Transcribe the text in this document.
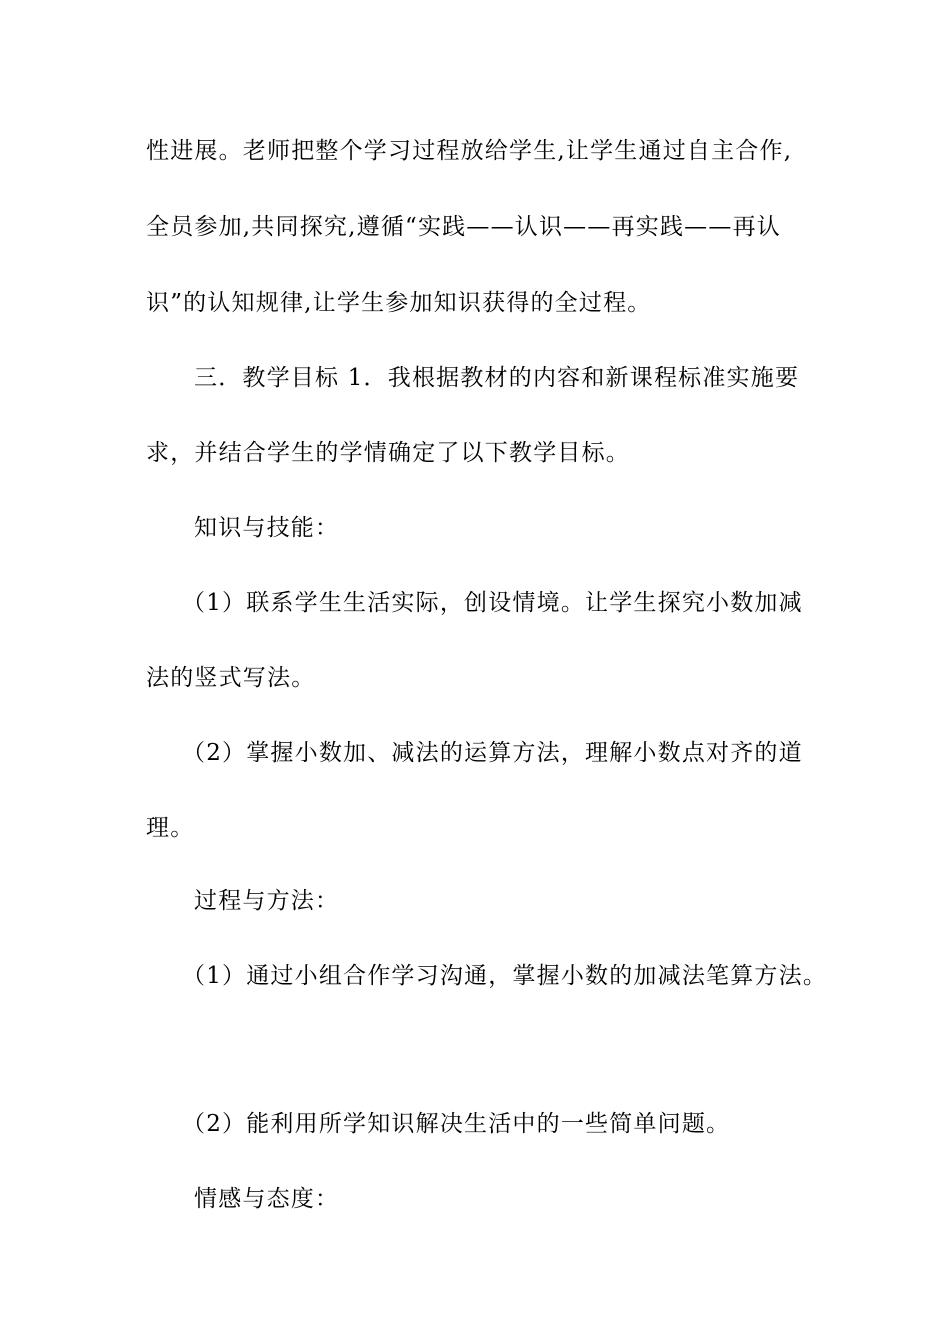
性进展。老师把整个学习过程放给学生,让学生通过自主合作,
全员参加,共同探究,遵循“实践——认识——再实践——再认
识”的认知规律,让学生参加知识获得的全过程。
三．教学目标 1．我根据教材的内容和新课程标准实施要
求，并结合学生的学情确定了以下教学目标。
知识与技能：
（1）联系学生生活实际，创设情境。让学生探究小数加减
法的竖式写法。
（2）掌握小数加、减法的运算方法，理解小数点对齐的道
理。
过程与方法：
（1）通过小组合作学习沟通，掌握小数的加减法笔算方法。
（2）能利用所学知识解决生活中的一些简单问题。
情感与态度：
